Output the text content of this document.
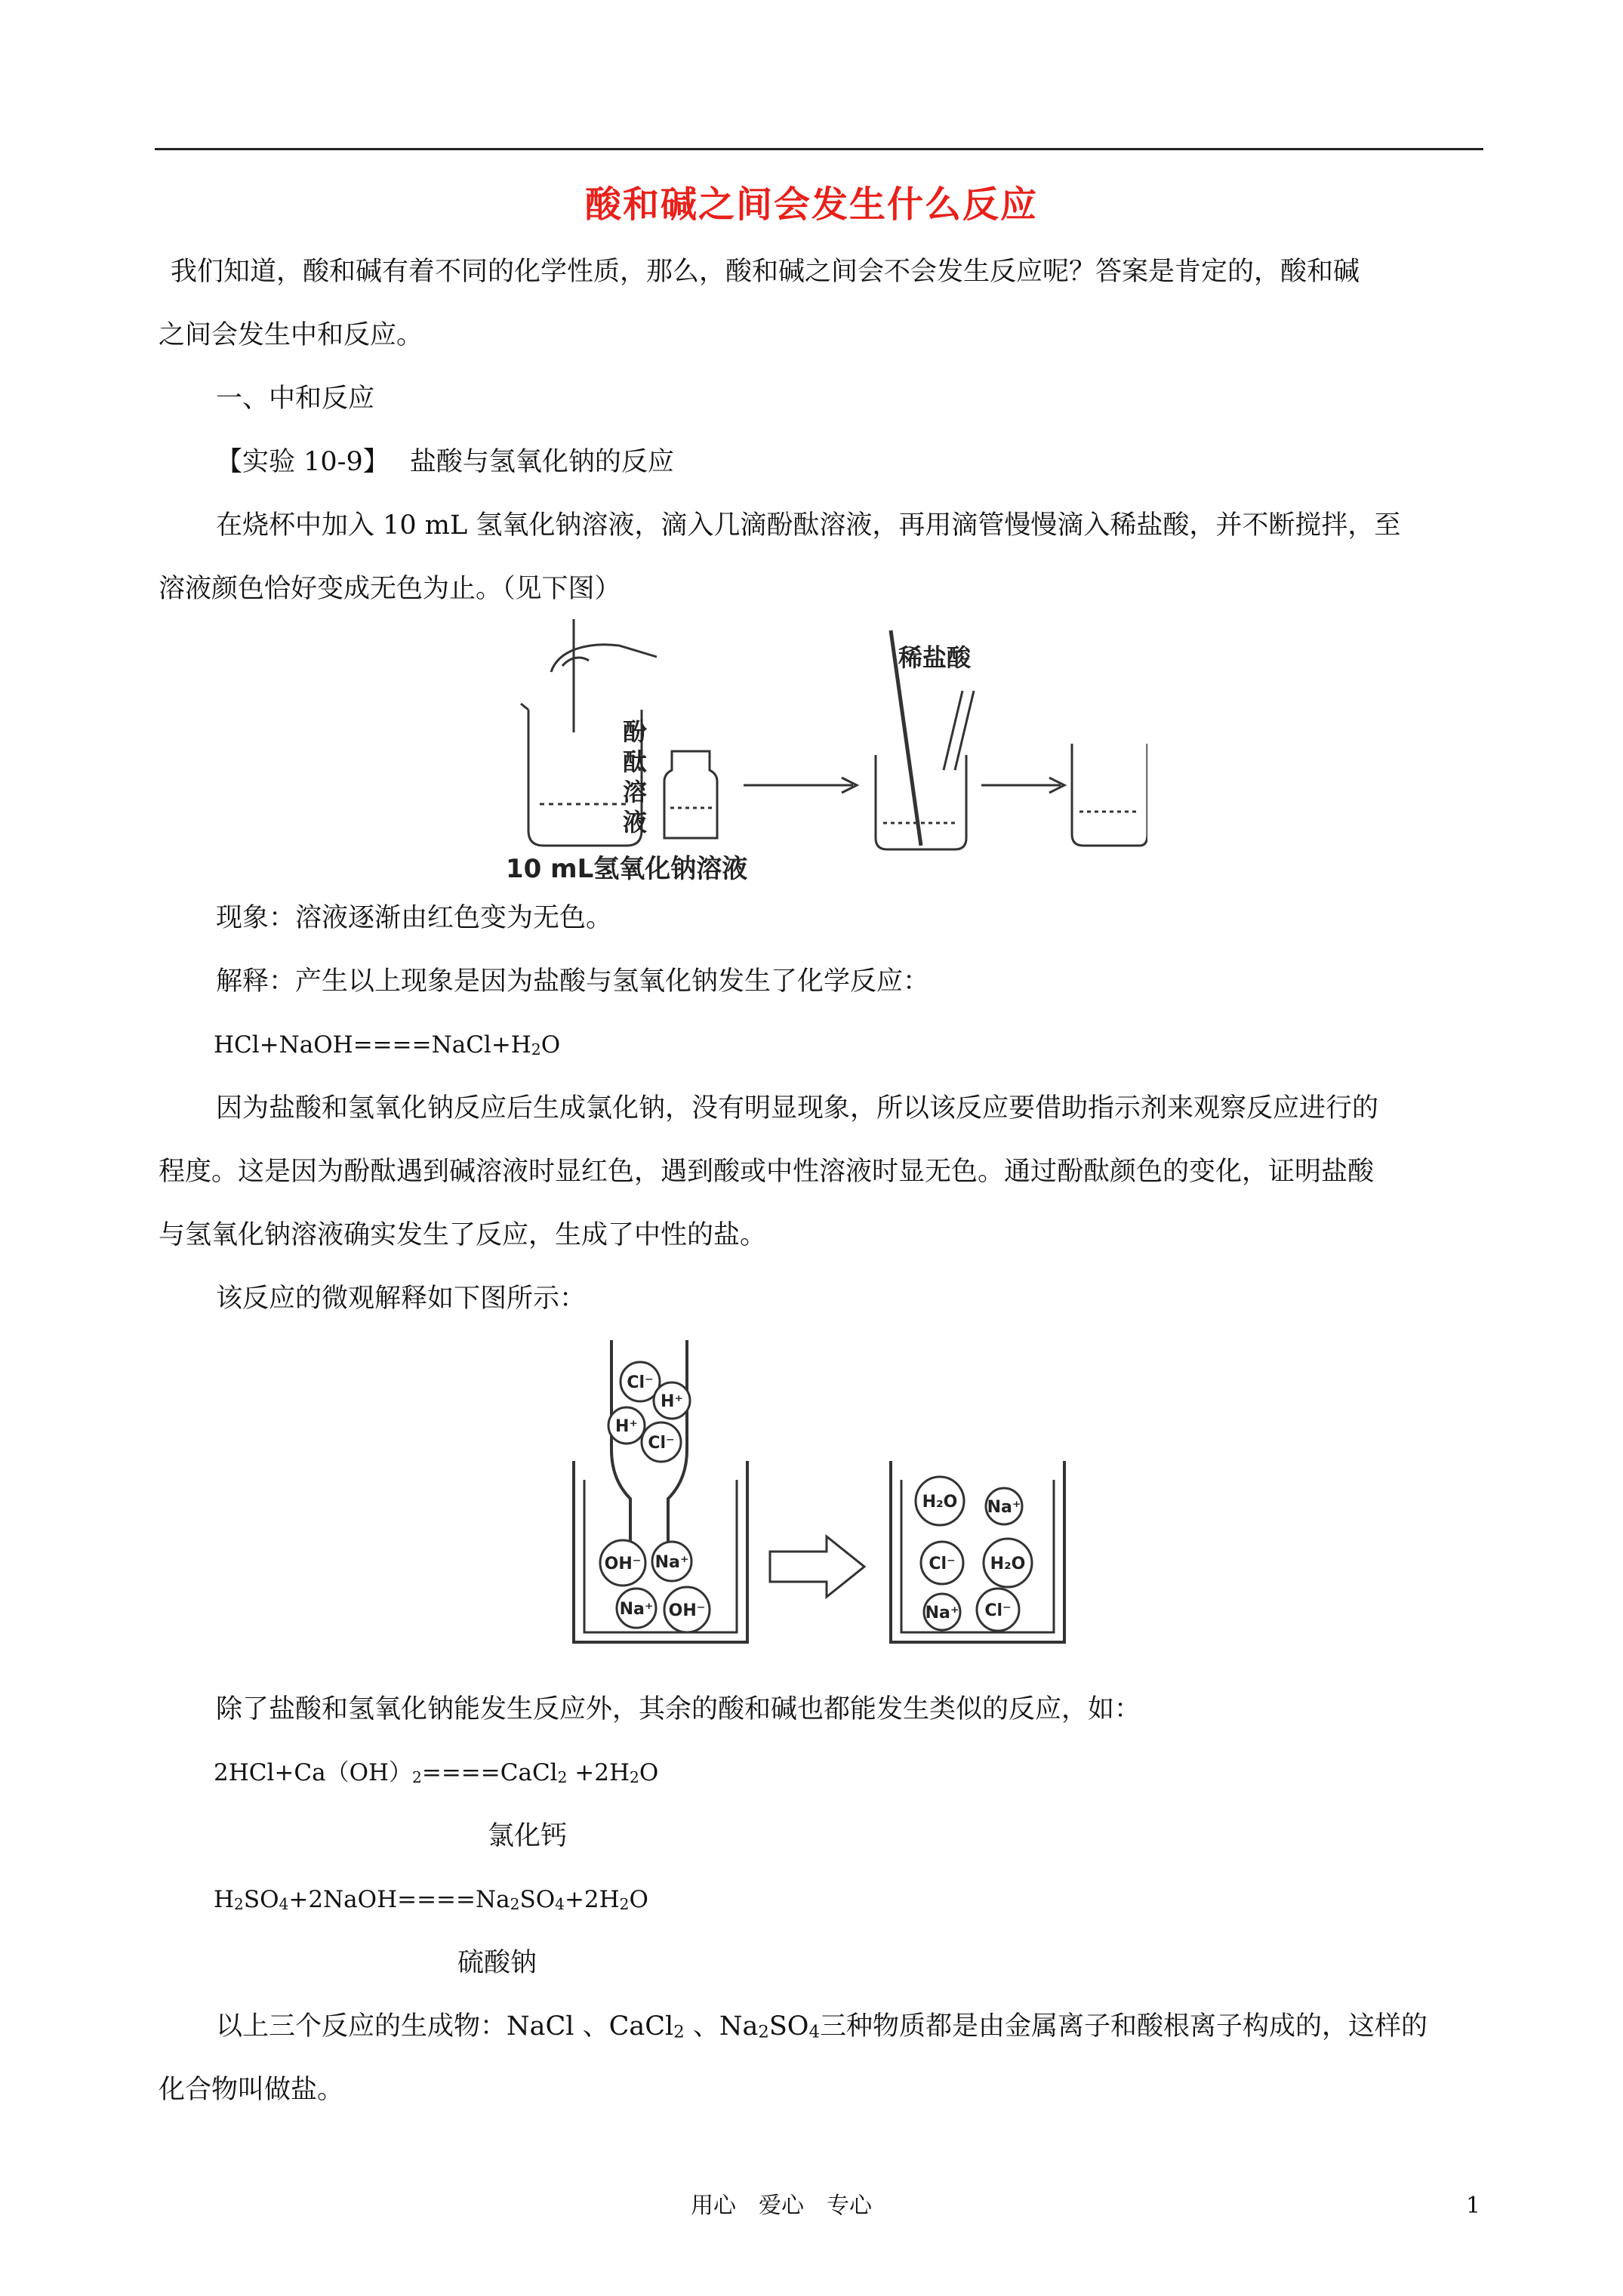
酸和碱之间会发生什么反应
我们知道，酸和碱有着不同的化学性质，那么，酸和碱之间会不会发生反应呢？答案是肯定的，酸和碱
之间会发生中和反应。
一、中和反应
【实验 10-9】 盐酸与氢氧化钠的反应
在烧杯中加入 10 mL 氢氧化钠溶液，滴入几滴酚酞溶液，再用滴管慢慢滴入稀盐酸，并不断搅拌，至
溶液颜色恰好变成无色为止。（见下图）
稀盐酸
酚
酞
溶
液
10 mL氢氧化钠溶液
现象：溶液逐渐由红色变为无色。
解释：产生以上现象是因为盐酸与氢氧化钠发生了化学反应：
$HCl+NaOH====NaCl+H_2O$
因为盐酸和氢氧化钠反应后生成氯化钠，没有明显现象，所以该反应要借助指示剂来观察反应进行的
程度。这是因为酚酞遇到碱溶液时显红色，遇到酸或中性溶液时显无色。通过酚酞颜色的变化，证明盐酸
与氢氧化钠溶液确实发生了反应，生成了中性的盐。
该反应的微观解释如下图所示：
Cl⁻
H⁺
H⁺
Cl⁻
OH⁻ Na⁺
Na⁺ OH⁻
H₂O Na⁺
Cl⁻ H₂O
Na⁺ Cl⁻
除了盐酸和氢氧化钠能发生反应外，其余的酸和碱也都能发生类似的反应，如：
$2HCl+Ca(OH)_2====CaCl_2 +2H_2O$
氯化钙
$H_2SO_4+2NaOH====Na_2SO_4+2H_2O$
硫酸钠
以上三个反应的生成物：NaCl 、CaCl$_2$ 、$Na_2SO_4$三种物质都是由金属离子和酸根离子构成的，这样的
化合物叫做盐。
用心　爱心　专心	1
